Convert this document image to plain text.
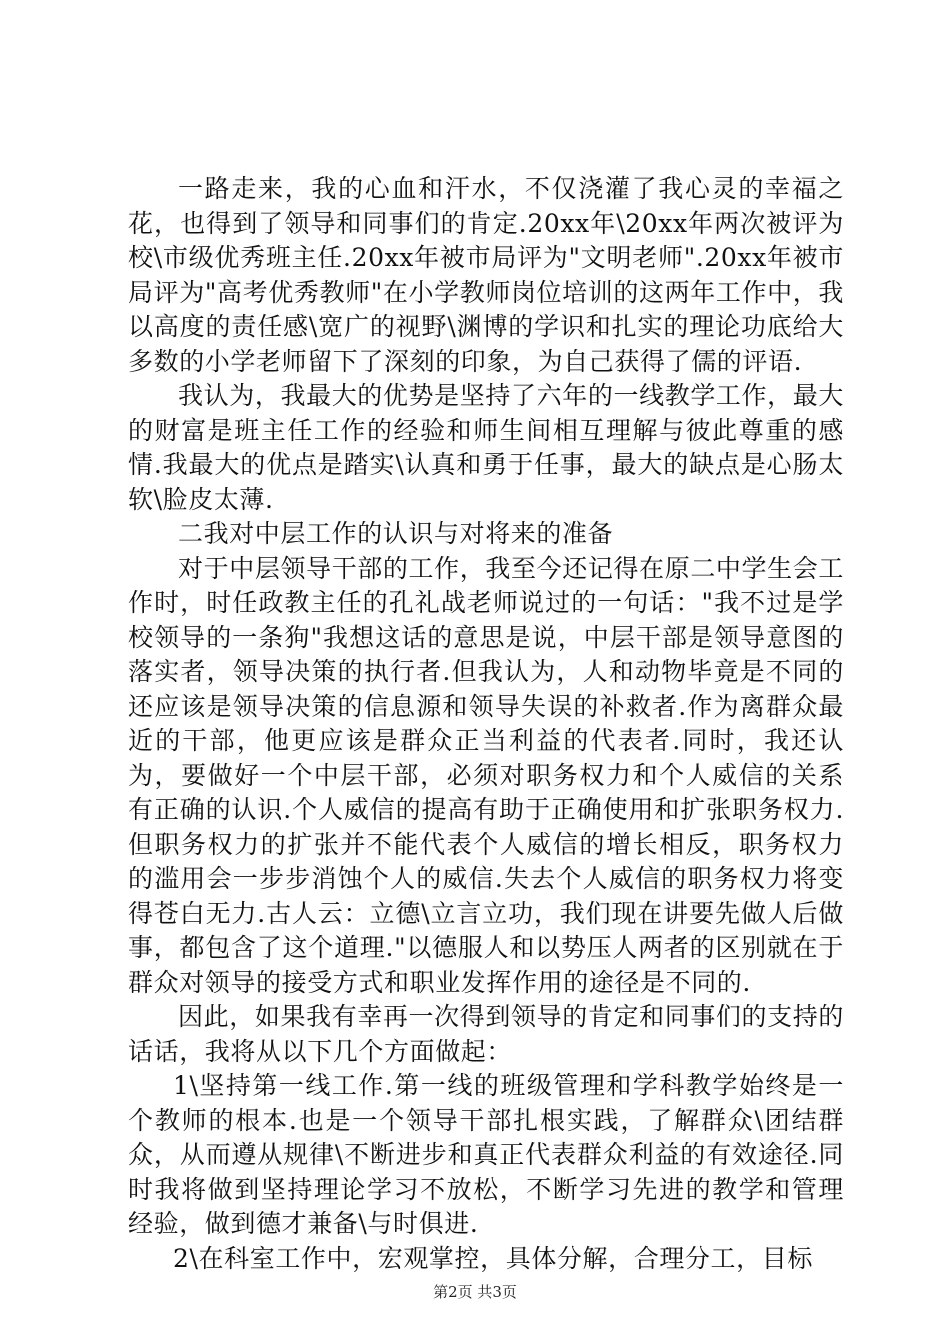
一路走来，我的心血和汗水，不仅浇灌了我心灵的幸福之花，也得到了领导和同事们的肯定.20xx年\20xx年两次被评为校\市级优秀班主任.20xx年被市局评为"文明老师".20xx年被市局评为"高考优秀教师"在小学教师岗位培训的这两年工作中，我以高度的责任感\宽广的视野\渊博的学识和扎实的理论功底给大多数的小学老师留下了深刻的印象，为自己获得了儒的评语.

我认为，我最大的优势是坚持了六年的一线教学工作，最大的财富是班主任工作的经验和师生间相互理解与彼此尊重的感情.我最大的优点是踏实\认真和勇于任事，最大的缺点是心肠太软\脸皮太薄.

二我对中层工作的认识与对将来的准备

对于中层领导干部的工作，我至今还记得在原二中学生会工作时，时任政教主任的孔礼战老师说过的一句话："我不过是学校领导的一条狗"我想这话的意思是说，中层干部是领导意图的落实者，领导决策的执行者.但我认为，人和动物毕竟是不同的还应该是领导决策的信息源和领导失误的补救者.作为离群众最近的干部，他更应该是群众正当利益的代表者.同时，我还认为，要做好一个中层干部，必须对职务权力和个人威信的关系有正确的认识.个人威信的提高有助于正确使用和扩张职务权力.但职务权力的扩张并不能代表个人威信的增长相反，职务权力的滥用会一步步消蚀个人的威信.失去个人威信的职务权力将变得苍白无力.古人云：立德\立言立功，我们现在讲要先做人后做事，都包含了这个道理."以德服人和以势压人两者的区别就在于群众对领导的接受方式和职业发挥作用的途径是不同的.

因此，如果我有幸再一次得到领导的肯定和同事们的支持的话话，我将从以下几个方面做起：

1\坚持第一线工作.第一线的班级管理和学科教学始终是一个教师的根本.也是一个领导干部扎根实践，了解群众\团结群众，从而遵从规律\不断进步和真正代表群众利益的有效途径.同时我将做到坚持理论学习不放松，不断学习先进的教学和管理经验，做到德才兼备\与时俱进.

2\在科室工作中，宏观掌控，具体分解，合理分工，目标

第2页 共3页
